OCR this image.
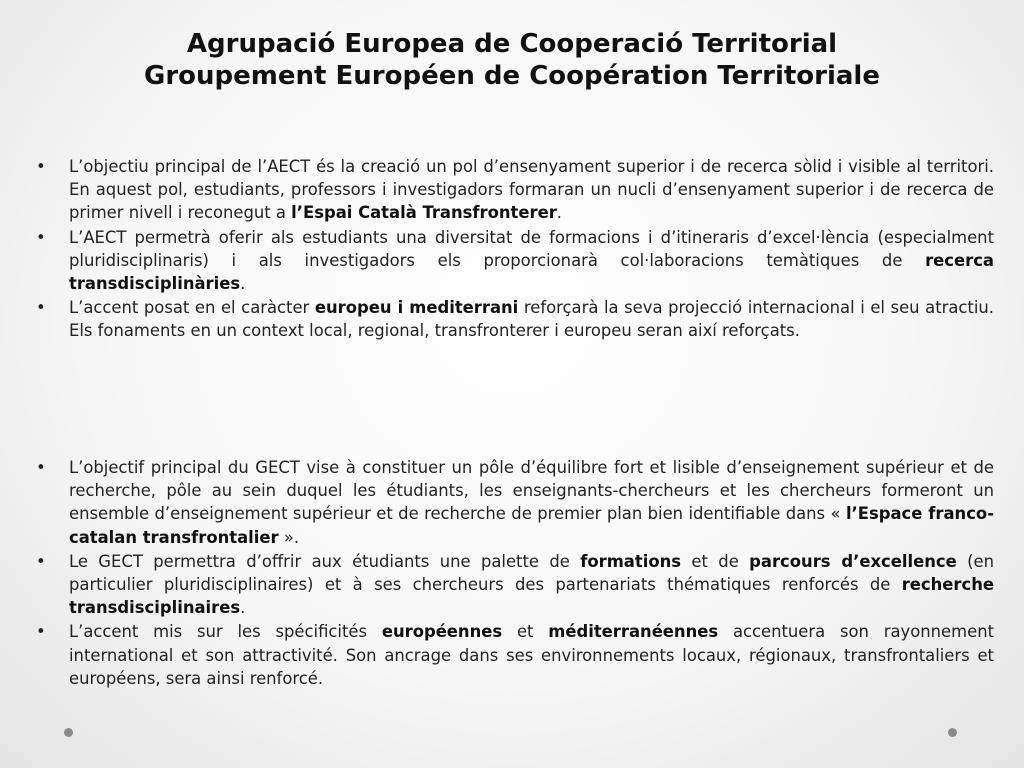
Agrupació Europea de Cooperació Territorial
Groupement Européen de Coopération Territoriale
• L’objectiu principal de l’AECT és la creació un pol d’ensenyament superior i de recerca sòlid i visible al territori. En aquest pol, estudiants, professors i investigadors formaran un nucli d’ensenyament superior i de recerca de primer nivell i reconegut a l’Espai Català Transfronterer.
• L’AECT permetrà oferir als estudiants una diversitat de formacions i d’itineraris d’excel·lència (especialment pluridisciplinaris) i als investigadors els proporcionarà col·laboracions temàtiques de recerca transdisciplinàries.
• L’accent posat en el caràcter europeu i mediterrani reforçarà la seva projecció internacional i el seu atractiu. Els fonaments en un context local, regional, transfronterer i europeu seran així reforçats.
• L’objectif principal du GECT vise à constituer un pôle d’équilibre fort et lisible d’enseignement supérieur et de recherche, pôle au sein duquel les étudiants, les enseignants-chercheurs et les chercheurs formeront un ensemble d’enseignement supérieur et de recherche de premier plan bien identifiable dans « l’Espace franco-catalan transfrontalier ».
• Le GECT permettra d’offrir aux étudiants une palette de formations et de parcours d’excellence (en particulier pluridisciplinaires) et à ses chercheurs des partenariats thématiques renforcés de recherche transdisciplinaires.
• L’accent mis sur les spécificités européennes et méditerranéennes accentuera son rayonnement international et son attractivité. Son ancrage dans ses environnements locaux, régionaux, transfrontaliers et européens, sera ainsi renforcé.
